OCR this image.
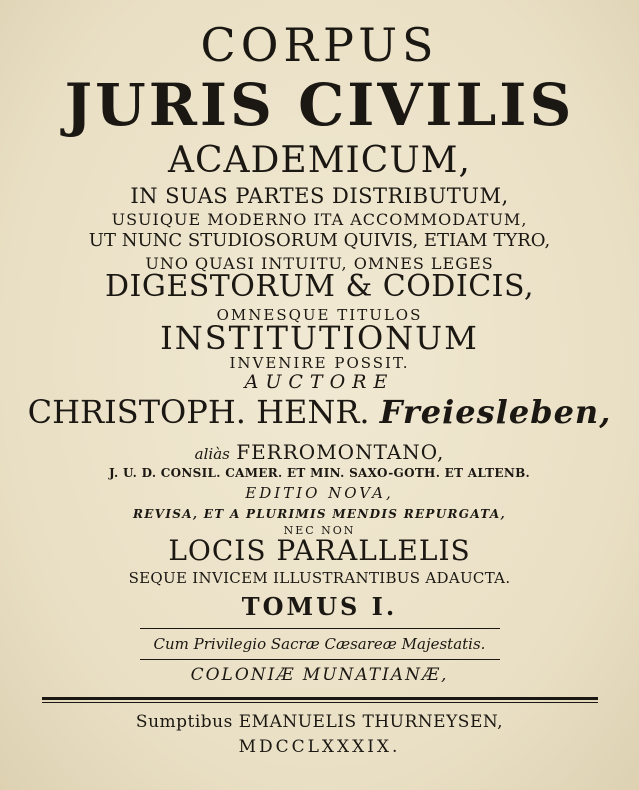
CORPUS
JURIS CIVILIS
ACADEMICUM,
IN SUAS PARTES DISTRIBUTUM,
USUIQUE MODERNO ITA ACCOMMODATUM,
UT NUNC STUDIOSORUM QUIVIS, ETIAM TYRO,
UNO QUASI INTUITU, OMNES LEGES
DIGESTORUM & CODICIS,
OMNESQUE TITULOS
INSTITUTIONUM
INVENIRE POSSIT.
AUCTORE
CHRISTOPH. HENR. Freiesleben,
aliàs FERROMONTANO,
J. U. D. CONSIL. CAMER. ET MIN. SAXO-GOTH. ET ALTENB.
EDITIO NOVA,
REVISA, ET A PLURIMIS MENDIS REPURGATA,
NEC NON
LOCIS PARALLELIS
SEQUE INVICEM ILLUSTRANTIBUS ADAUCTA.
TOMUS I.
Cum Privilegio Sacræ Cæsareæ Majestatis.
COLONIÆ MUNATIANÆ,
Sumptibus EMANUELIS THURNEYSEN,
MDCCLXXXIX.
